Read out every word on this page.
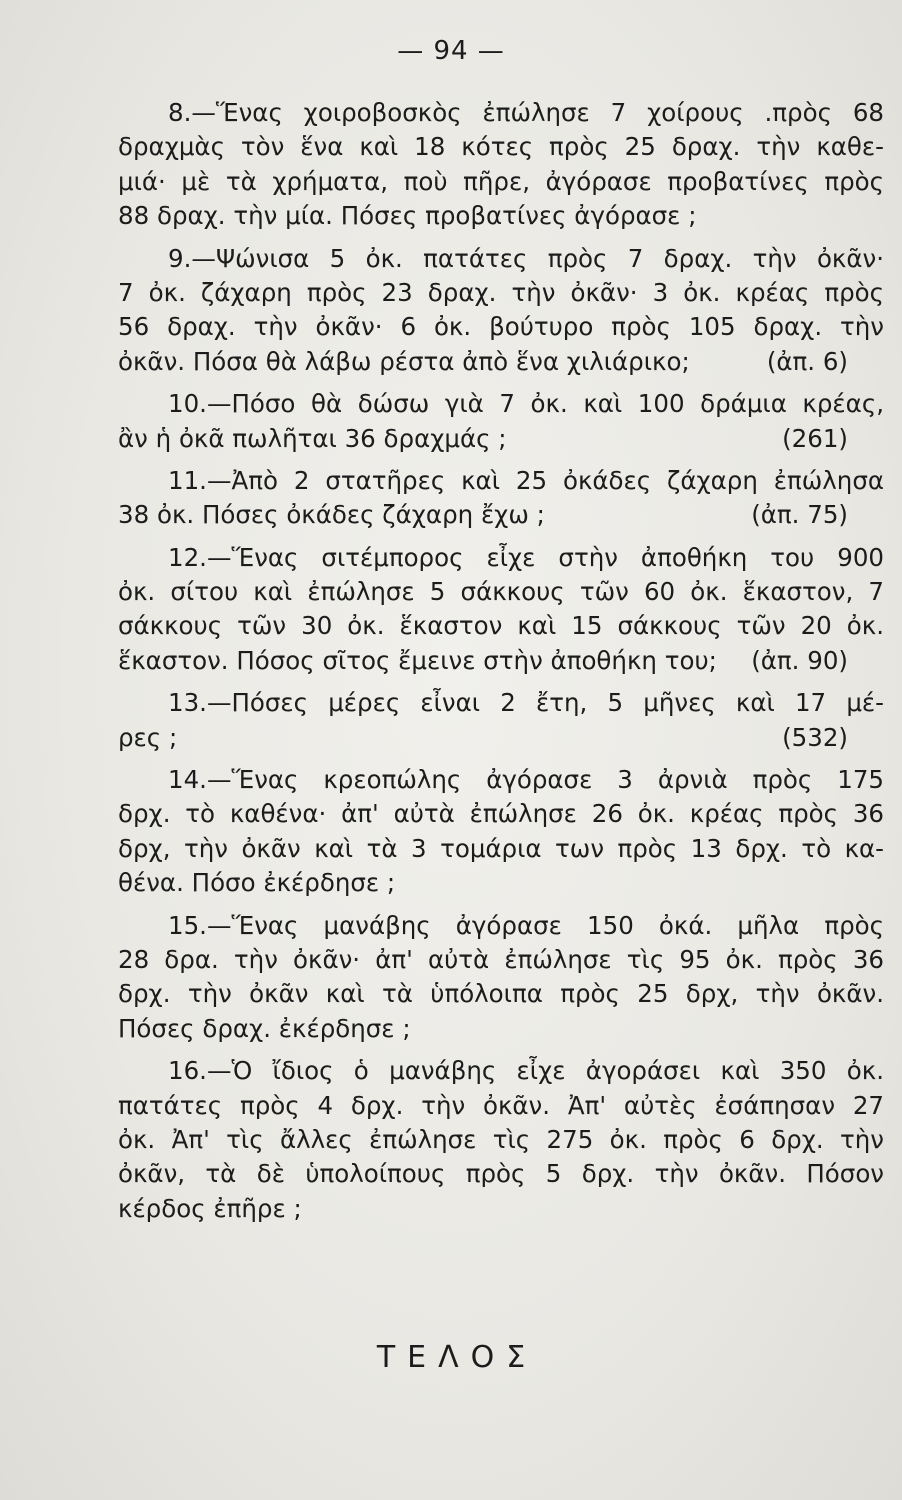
— 94 —
8.—Ἕνας χοιροβοσκὸς ἐπώλησε 7 χοίρους .πρὸς 68
δραχμὰς τὸν ἕνα καὶ 18 κότες πρὸς 25 δραχ. τὴν καθε-
μιά· μὲ τὰ χρήματα, ποὺ πῆρε, ἀγόρασε προβατίνες πρὸς
88 δραχ. τὴν μία. Πόσες προβατίνες ἀγόρασε ;
9.—Ψώνισα 5 ὀκ. πατάτες πρὸς 7 δραχ. τὴν ὀκᾶν·
7 ὀκ. ζάχαρη πρὸς 23 δραχ. τὴν ὀκᾶν· 3 ὀκ. κρέας πρὸς
56 δραχ. τὴν ὀκᾶν· 6 ὀκ. βούτυρο πρὸς 105 δραχ. τὴν
ὀκᾶν. Πόσα θὰ λάβω ρέστα ἀπὸ ἕνα χιλιάρικο;	(ἀπ. 6)
10.—Πόσο θὰ δώσω γιὰ 7 ὀκ. καὶ 100 δράμια κρέας,
ἂν ἡ ὀκᾶ πωλῆται 36 δραχμάς ;	(261)
11.—Ἀπὸ 2 στατῆρες καὶ 25 ὀκάδες ζάχαρη ἐπώλησα
38 ὀκ. Πόσες ὀκάδες ζάχαρη ἔχω ;	(ἀπ. 75)
12.—Ἕνας σιτέμπορος εἶχε στὴν ἀποθήκη του 900
ὀκ. σίτου καὶ ἐπώλησε 5 σάκκους τῶν 60 ὀκ. ἕκαστον, 7
σάκκους τῶν 30 ὀκ. ἕκαστον καὶ 15 σάκκους τῶν 20 ὀκ.
ἕκαστον. Πόσος σῖτος ἔμεινε στὴν ἀποθήκη του; (ἀπ. 90)
13.—Πόσες μέρες εἶναι 2 ἔτη, 5 μῆνες καὶ 17 μέ-
ρες ;	(532)
14.—Ἕνας κρεοπώλης ἀγόρασε 3 ἀρνιὰ πρὸς 175
δρχ. τὸ καθένα· ἀπ' αὐτὰ ἐπώλησε 26 ὀκ. κρέας πρὸς 36
δρχ, τὴν ὀκᾶν καὶ τὰ 3 τομάρια των πρὸς 13 δρχ. τὸ κα-
θένα. Πόσο ἐκέρδησε ;
15.—Ἕνας μανάβης ἀγόρασε 150 ὀκά. μῆλα πρὸς
28 δρα. τὴν ὀκᾶν· ἀπ' αὐτὰ ἐπώλησε τὶς 95 ὀκ. πρὸς 36
δρχ. τὴν ὀκᾶν καὶ τὰ ὑπόλοιπα πρὸς 25 δρχ, τὴν ὀκᾶν.
Πόσες δραχ. ἐκέρδησε ;
16.—Ὁ ἴδιος ὁ μανάβης εἶχε ἀγοράσει καὶ 350 ὀκ.
πατάτες πρὸς 4 δρχ. τὴν ὀκᾶν. Ἀπ' αὐτὲς ἐσάπησαν 27
ὀκ. Ἀπ' τὶς ἄλλες ἐπώλησε τὶς 275 ὀκ. πρὸς 6 δρχ. τὴν
ὀκᾶν, τὰ δὲ ὑπολοίπους πρὸς 5 δρχ. τὴν ὀκᾶν. Πόσον
κέρδος ἐπῆρε ;
ΤΕΛΟΣ
